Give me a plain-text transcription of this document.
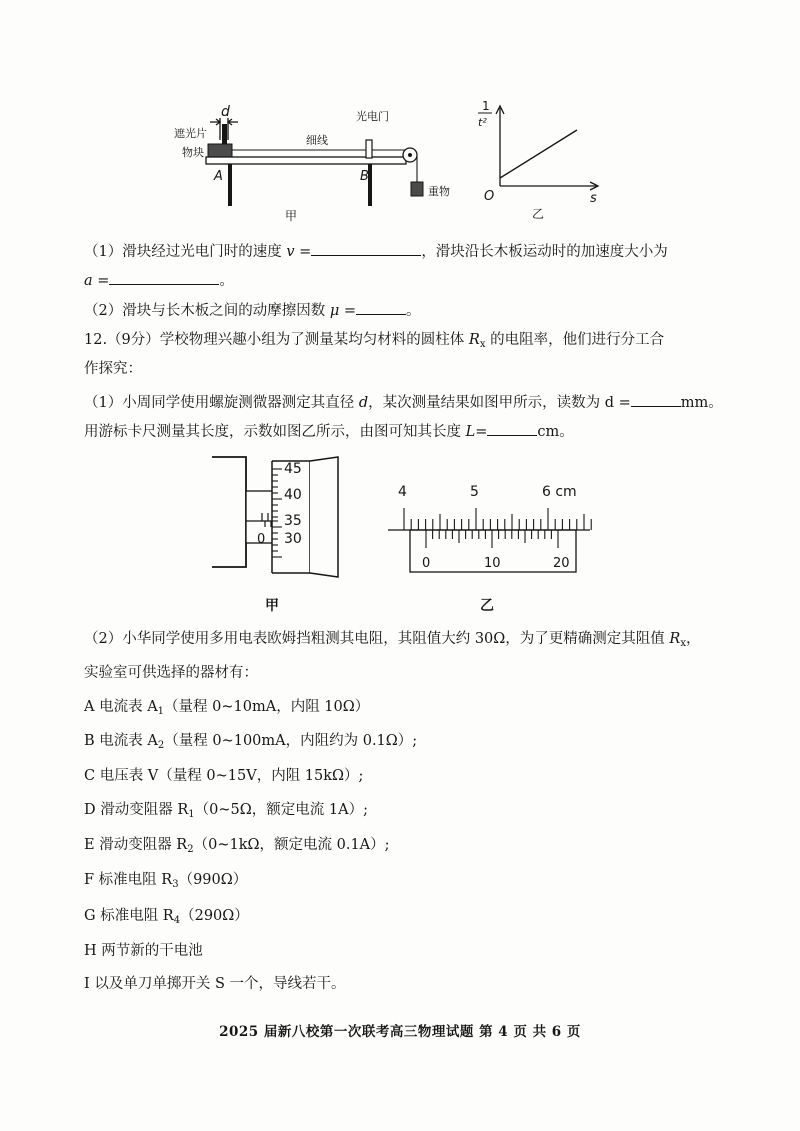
d
遮光片
物块
细线
光电门
重物
A	B
甲
1
t²
O	s
乙
（1）滑块经过光电门时的速度 v =	，滑块沿长木板运动时的加速度大小为
a =	。
（2）滑块与长木板之间的动摩擦因数 μ =	。
12.（9分）学校物理兴趣小组为了测量某均匀材料的圆柱体 $R_x$ 的电阻率，他们进行分工合
作探究：
（1）小周同学使用螺旋测微器测定其直径 d，某次测量结果如图甲所示，读数为 d =	mm。
用游标卡尺测量其长度，示数如图乙所示，由图可知其长度 L=	cm。
0
45
40
35
30
甲
4	5	6 cm
0	10	20
乙
（2）小华同学使用多用电表欧姆挡粗测其电阻，其阻值大约 30Ω，为了更精确测定其阻值 $R_x$，
实验室可供选择的器材有：
A 电流表 $A_1$（量程 0~10mA，内阻 10Ω）
B 电流表 $A_2$（量程 0~100mA，内阻约为 0.1Ω）;
C 电压表 V（量程 0~15V，内阻 15kΩ）;
D 滑动变阻器 $R_1(0\sim 5\Omega$，额定电流 1A）;
E 滑动变阻器 $R_2(0\sim 1k\Omega$，额定电流 0.1A）;
F 标准电阻 $R_3(990\Omega)$
G 标准电阻 $R_4(290\Omega)$
H 两节新的干电池
I 以及单刀单掷开关 S 一个，导线若干。
2025 届新八校第一次联考高三物理试题 第 4 页 共 6 页
